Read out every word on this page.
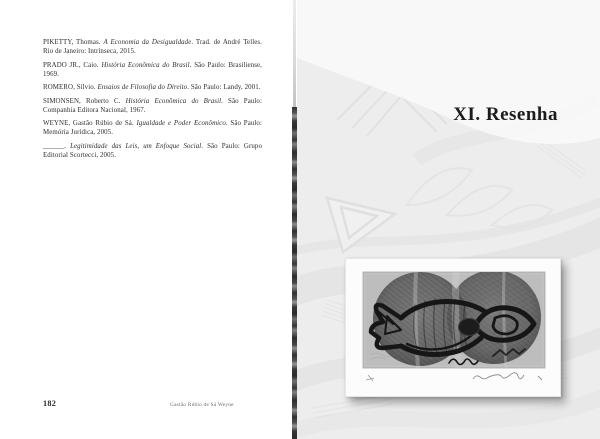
PIKETTY, Thomas. A Economia da Desigualdade. Trad. de André Telles. Rio de Janeiro: Intrínseca, 2015.

PRADO JR., Caio. História Econômica do Brasil. São Paulo: Brasiliense, 1969.

ROMERO, Sílvio. Ensaios de Filosofia do Direito. São Paulo: Landy, 2001.

SIMONSEN, Roberto C. História Econômica do Brasil. São Paulo: Companhia Editora Nacional, 1967.

WEYNE, Gastão Rúbio de Sá. Igualdade e Poder Econômico. São Paulo: Memória Jurídica, 2005.

______. Legitimidade das Leis, um Enfoque Social. São Paulo: Grupo Editorial Scortecci, 2005.

182	Gastão Rúbio de Sá Weyne
XI. Resenha
